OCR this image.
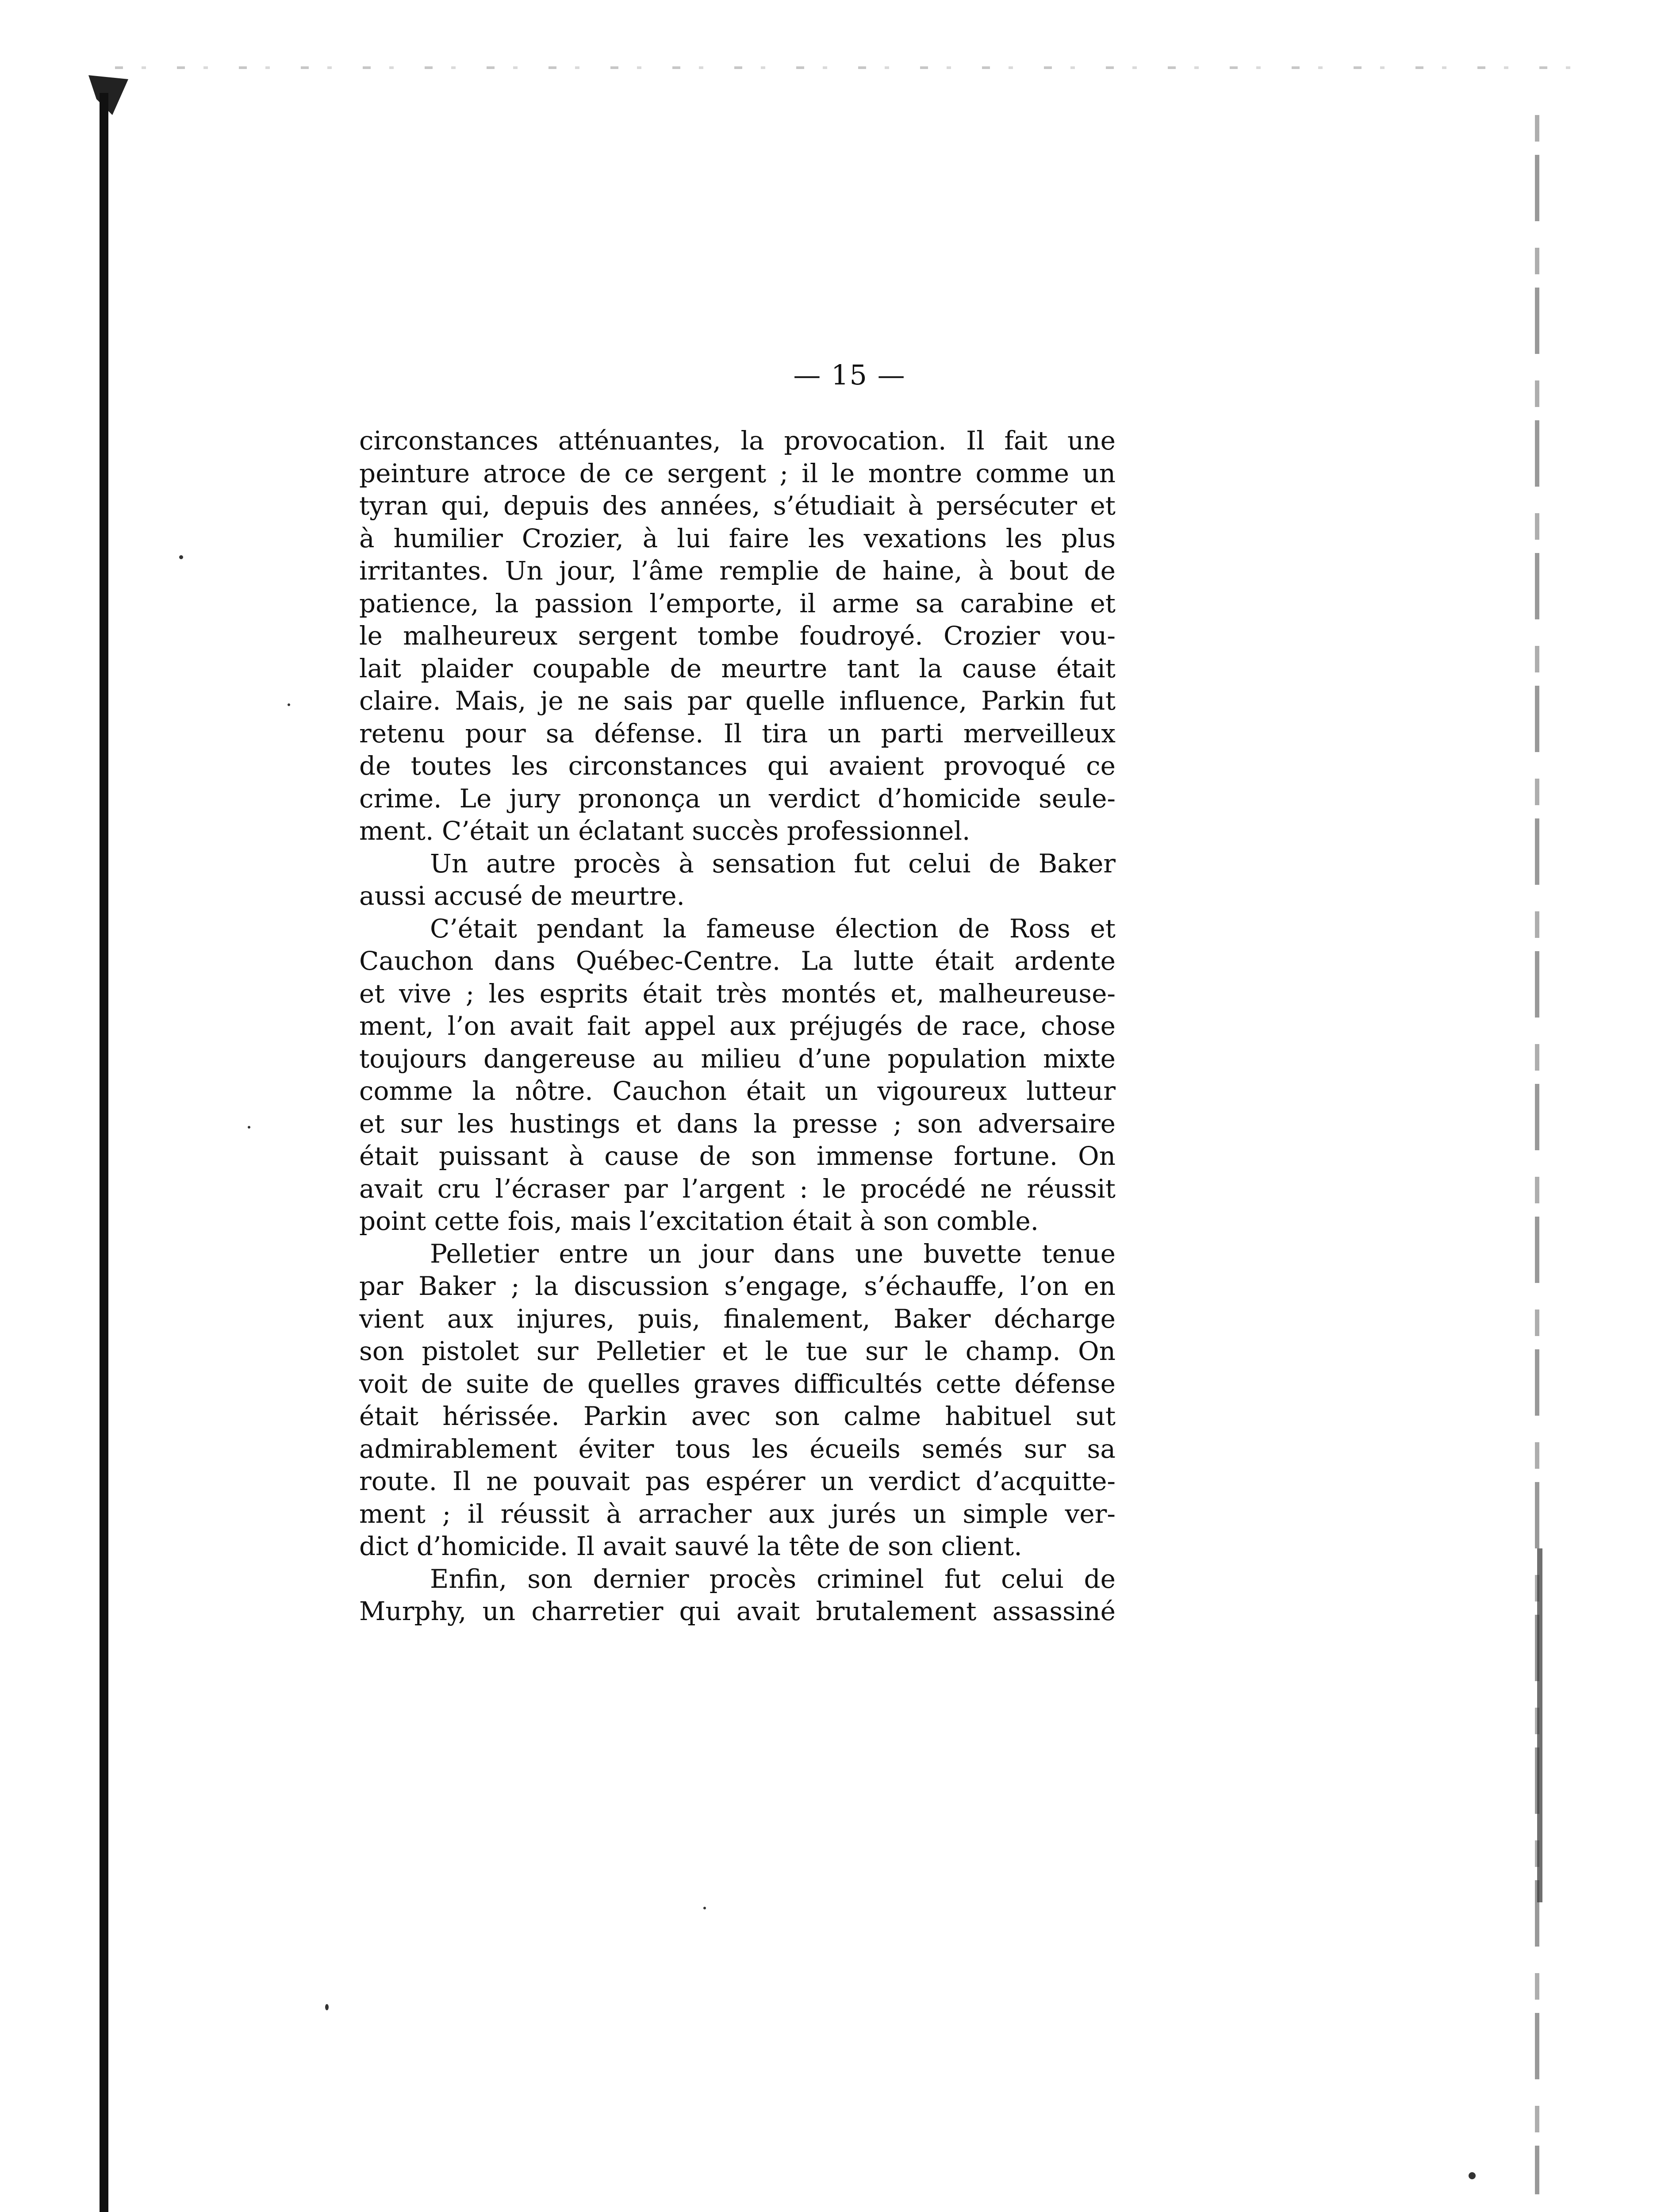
— 15 —

circonstances atténuantes, la provocation. Il fait une
peinture atroce de ce sergent ; il le montre comme un
tyran qui, depuis des années, s’étudiait à persécuter et
à humilier Crozier, à lui faire les vexations les plus
irritantes. Un jour, l’âme remplie de haine, à bout de
patience, la passion l’emporte, il arme sa carabine et
le malheureux sergent tombe foudroyé. Crozier vou-
lait plaider coupable de meurtre tant la cause était
claire. Mais, je ne sais par quelle influence, Parkin fut
retenu pour sa défense. Il tira un parti merveilleux
de toutes les circonstances qui avaient provoqué ce
crime. Le jury prononça un verdict d’homicide seule-
ment. C’était un éclatant succès professionnel.

Un autre procès à sensation fut celui de Baker
aussi accusé de meurtre.

C’était pendant la fameuse élection de Ross et
Cauchon dans Québec-Centre. La lutte était ardente
et vive ; les esprits était très montés et, malheureuse-
ment, l’on avait fait appel aux préjugés de race, chose
toujours dangereuse au milieu d’une population mixte
comme la nôtre. Cauchon était un vigoureux lutteur
et sur les hustings et dans la presse ; son adversaire
était puissant à cause de son immense fortune. On
avait cru l’écraser par l’argent : le procédé ne réussit
point cette fois, mais l’excitation était à son comble.

Pelletier entre un jour dans une buvette tenue
par Baker ; la discussion s’engage, s’échauffe, l’on en
vient aux injures, puis, finalement, Baker décharge
son pistolet sur Pelletier et le tue sur le champ. On
voit de suite de quelles graves difficultés cette défense
était hérissée. Parkin avec son calme habituel sut
admirablement éviter tous les écueils semés sur sa
route. Il ne pouvait pas espérer un verdict d’acquitte-
ment ; il réussit à arracher aux jurés un simple ver-
dict d’homicide. Il avait sauvé la tête de son client.

Enfin, son dernier procès criminel fut celui de
Murphy, un charretier qui avait brutalement assassiné
